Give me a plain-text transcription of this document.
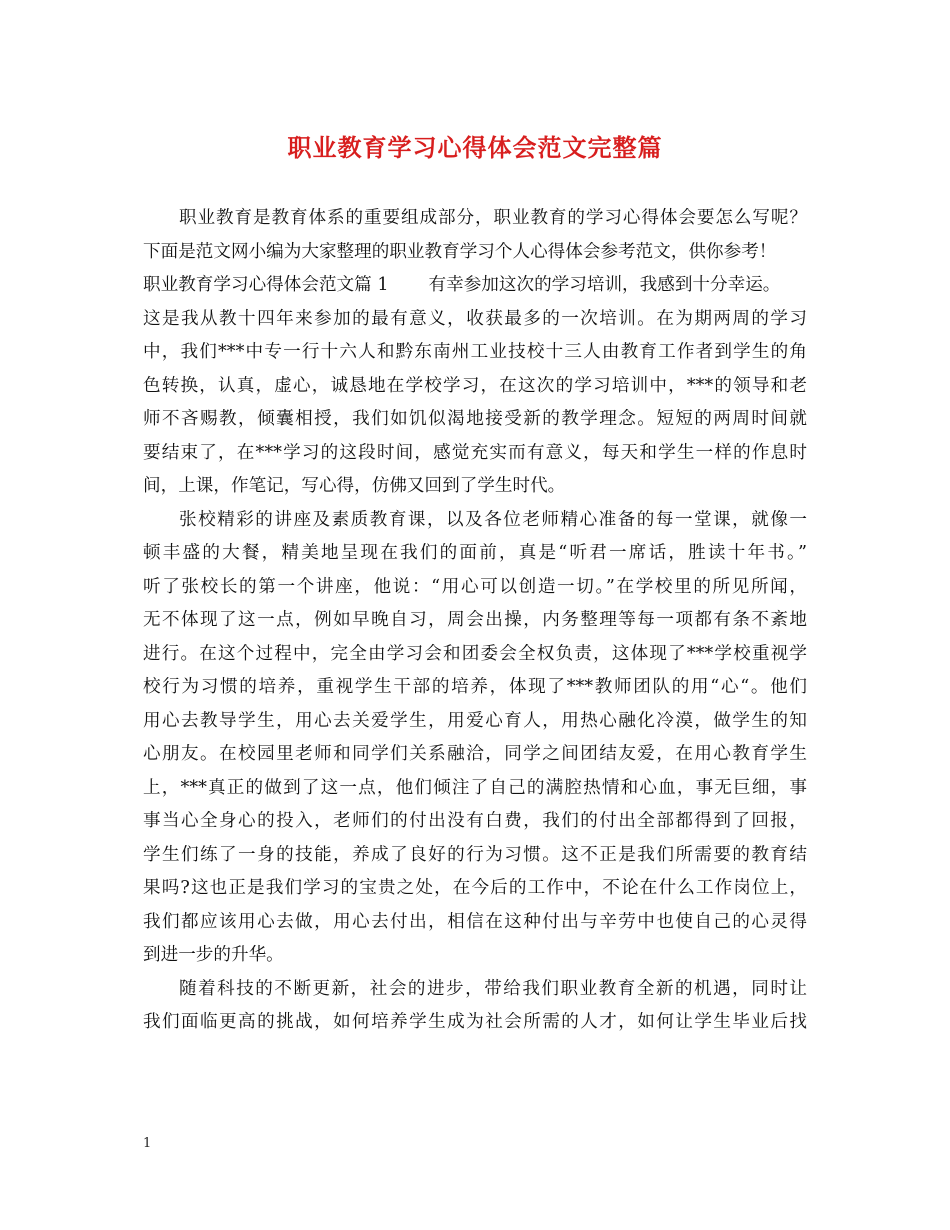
职业教育学习心得体会范文完整篇
职业教育是教育体系的重要组成部分，职业教育的学习心得体会要怎么写呢？
下面是范文网小编为大家整理的职业教育学习个人心得体会参考范文，供你参考！
职业教育学习心得体会范文篇 1 有幸参加这次的学习培训，我感到十分幸运。
这是我从教十四年来参加的最有意义，收获最多的一次培训。在为期两周的学习
中，我们***中专一行十六人和黔东南州工业技校十三人由教育工作者到学生的角
色转换，认真，虚心，诚恳地在学校学习，在这次的学习培训中，***的领导和老
师不吝赐教，倾囊相授，我们如饥似渴地接受新的教学理念。短短的两周时间就
要结束了，在***学习的这段时间，感觉充实而有意义，每天和学生一样的作息时
间，上课，作笔记，写心得，仿佛又回到了学生时代。
张校精彩的讲座及素质教育课，以及各位老师精心准备的每一堂课，就像一
顿丰盛的大餐，精美地呈现在我们的面前，真是“听君一席话，胜读十年书。”
听了张校长的第一个讲座，他说：“用心可以创造一切。”在学校里的所见所闻，
无不体现了这一点，例如早晚自习，周会出操，内务整理等每一项都有条不紊地
进行。在这个过程中，完全由学习会和团委会全权负责，这体现了***学校重视学
校行为习惯的培养，重视学生干部的培养，体现了***教师团队的用“心“。他们
用心去教导学生，用心去关爱学生，用爱心育人，用热心融化冷漠，做学生的知
心朋友。在校园里老师和同学们关系融洽，同学之间团结友爱，在用心教育学生
上，***真正的做到了这一点，他们倾注了自己的满腔热情和心血，事无巨细，事
事当心全身心的投入，老师们的付出没有白费，我们的付出全部都得到了回报，
学生们练了一身的技能，养成了良好的行为习惯。这不正是我们所需要的教育结
果吗?这也正是我们学习的宝贵之处，在今后的工作中，不论在什么工作岗位上，
我们都应该用心去做，用心去付出，相信在这种付出与辛劳中也使自己的心灵得
到进一步的升华。
随着科技的不断更新，社会的进步，带给我们职业教育全新的机遇，同时让
我们面临更高的挑战，如何培养学生成为社会所需的人才，如何让学生毕业后找
1
